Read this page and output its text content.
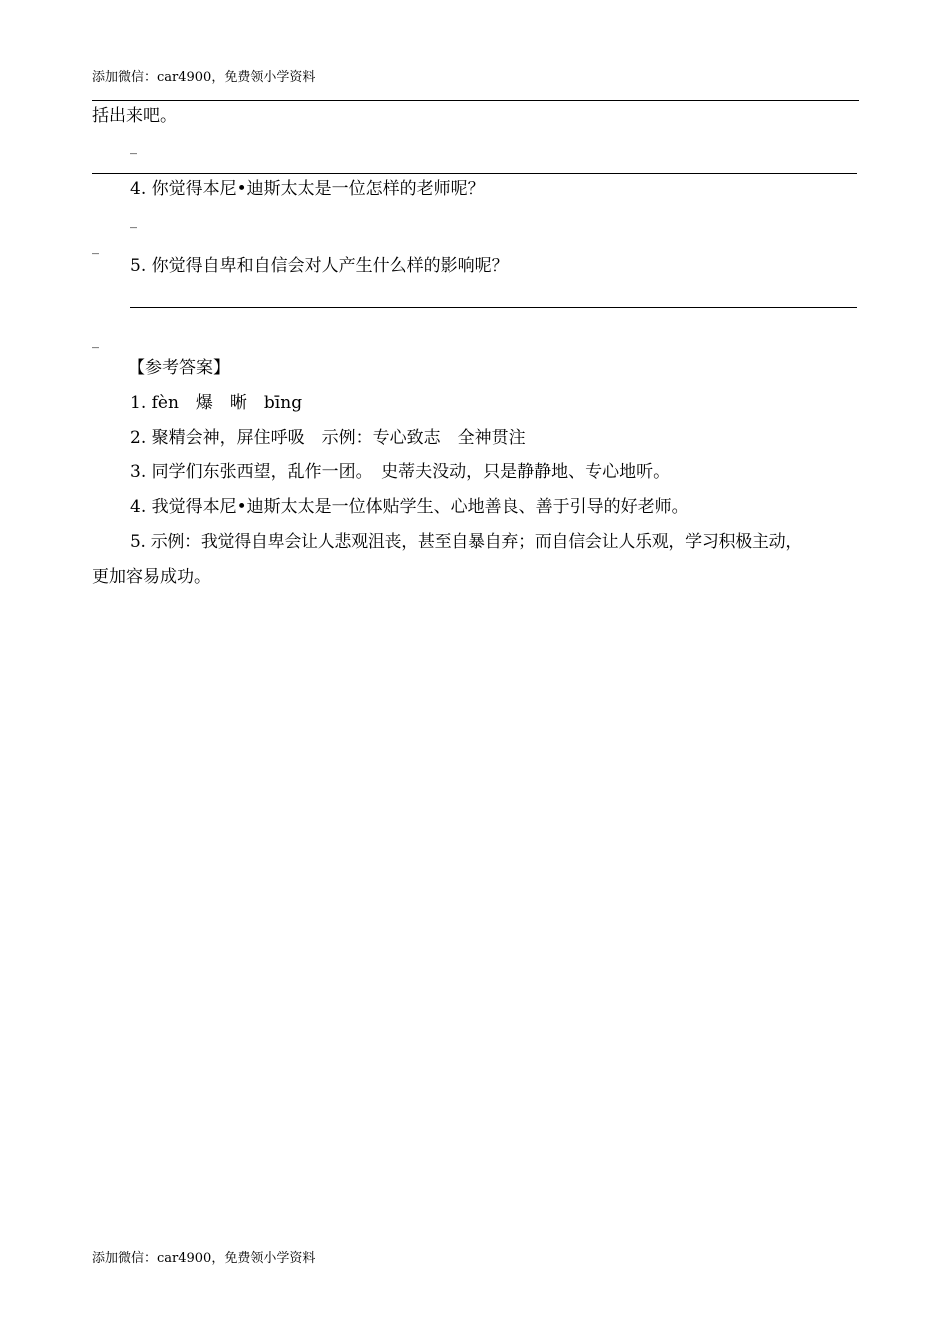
添加微信：car4900，免费领小学资料
括出来吧。
_
4. 你觉得本尼•迪斯太太是一位怎样的老师呢？
_
_
5. 你觉得自卑和自信会对人产生什么样的影响呢？
_
【参考答案】
1. fèn　爆　晰　bīng
2. 聚精会神，屏住呼吸　示例：专心致志　全神贯注
3. 同学们东张西望，乱作一团。　史蒂夫没动，只是静静地、专心地听。
4. 我觉得本尼•迪斯太太是一位体贴学生、心地善良、善于引导的好老师。
5. 示例：我觉得自卑会让人悲观沮丧，甚至自暴自弃；而自信会让人乐观，学习积极主动，
更加容易成功。
添加微信：car4900，免费领小学资料
